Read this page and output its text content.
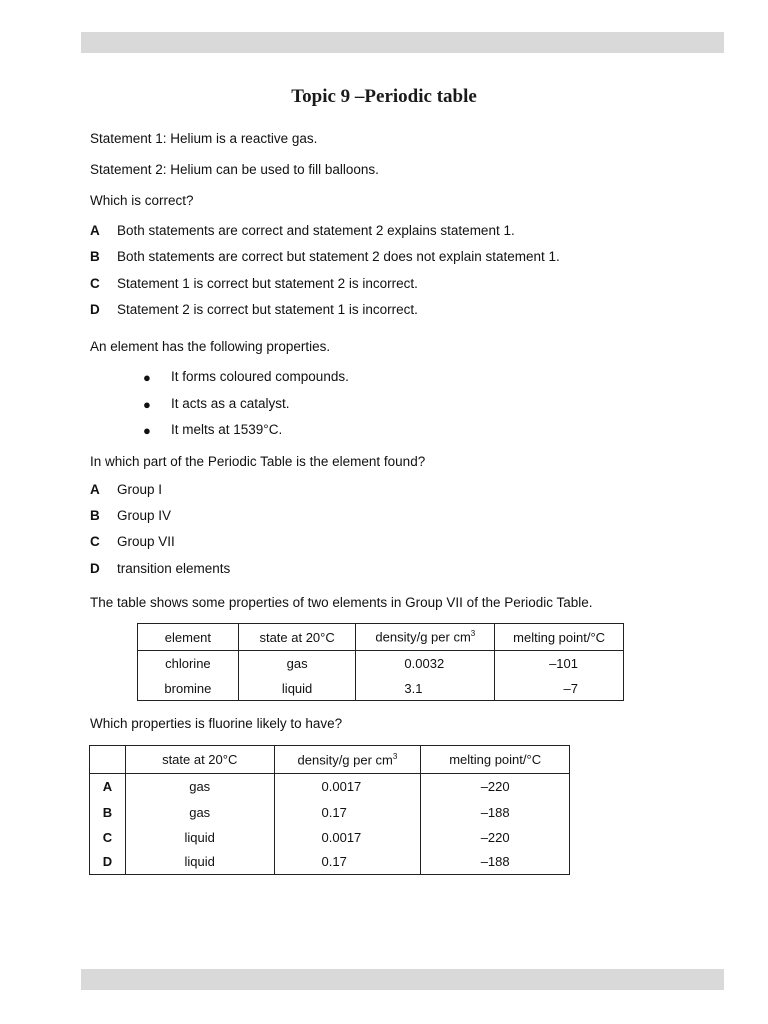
Topic 9 –Periodic table
Statement 1: Helium is a reactive gas.
Statement 2: Helium can be used to fill balloons.
Which is correct?
A Both statements are correct and statement 2 explains statement 1.
B Both statements are correct but statement 2 does not explain statement 1.
C Statement 1 is correct but statement 2 is incorrect.
D Statement 2 is correct but statement 1 is incorrect.
An element has the following properties.
● It forms coloured compounds.
● It acts as a catalyst.
● It melts at 1539°C.
In which part of the Periodic Table is the element found?
A Group I
B Group IV
C Group VII
D transition elements
The table shows some properties of two elements in Group VII of the Periodic Table.
element	state at 20°C	density/g per $cm^3$	melting point/°C
chlorine	gas	0.0032	–101
bromine	liquid	3.1	–7
Which properties is fluorine likely to have?
	state at 20°C	density/g per $cm^3$	melting point/°C
A	gas	0.0017	–220
B	gas	0.17	–188
C	liquid	0.0017	–220
D	liquid	0.17	–188
